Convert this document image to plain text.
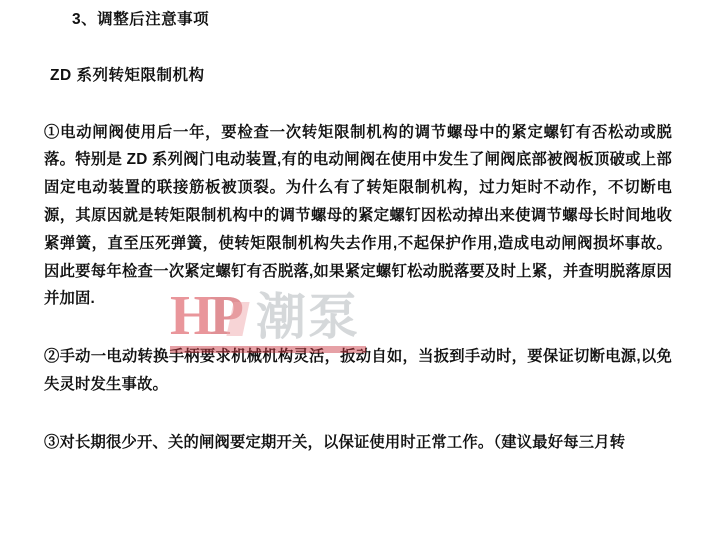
3、调整后注意事项
ZD 系列转矩限制机构
①电动闸阀使用后一年，要检查一次转矩限制机构的调节螺母中的紧定螺钉有否松动或脱落。特别是 ZD 系列阀门电动装置,有的电动闸阀在使用中发生了闸阀底部被阀板顶破或上部固定电动装置的联接筋板被顶裂。为什么有了转矩限制机构，过力矩时不动作，不切断电源，其原因就是转矩限制机构中的调节螺母的紧定螺钉因松动掉出来使调节螺母长时间地收紧弹簧，直至压死弹簧，使转矩限制机构失去作用,不起保护作用,造成电动闸阀损坏事故。因此要每年检查一次紧定螺钉有否脱落,如果紧定螺钉松动脱落要及时上紧，并查明脱落原因并加固.
②手动一电动转换手柄要求机械机构灵活，扳动自如，当扳到手动时，要保证切断电源,以免失灵时发生事故。
③对长期很少开、关的闸阀要定期开关，以保证使用时正常工作。（建议最好每三月转
HP 潮泵
